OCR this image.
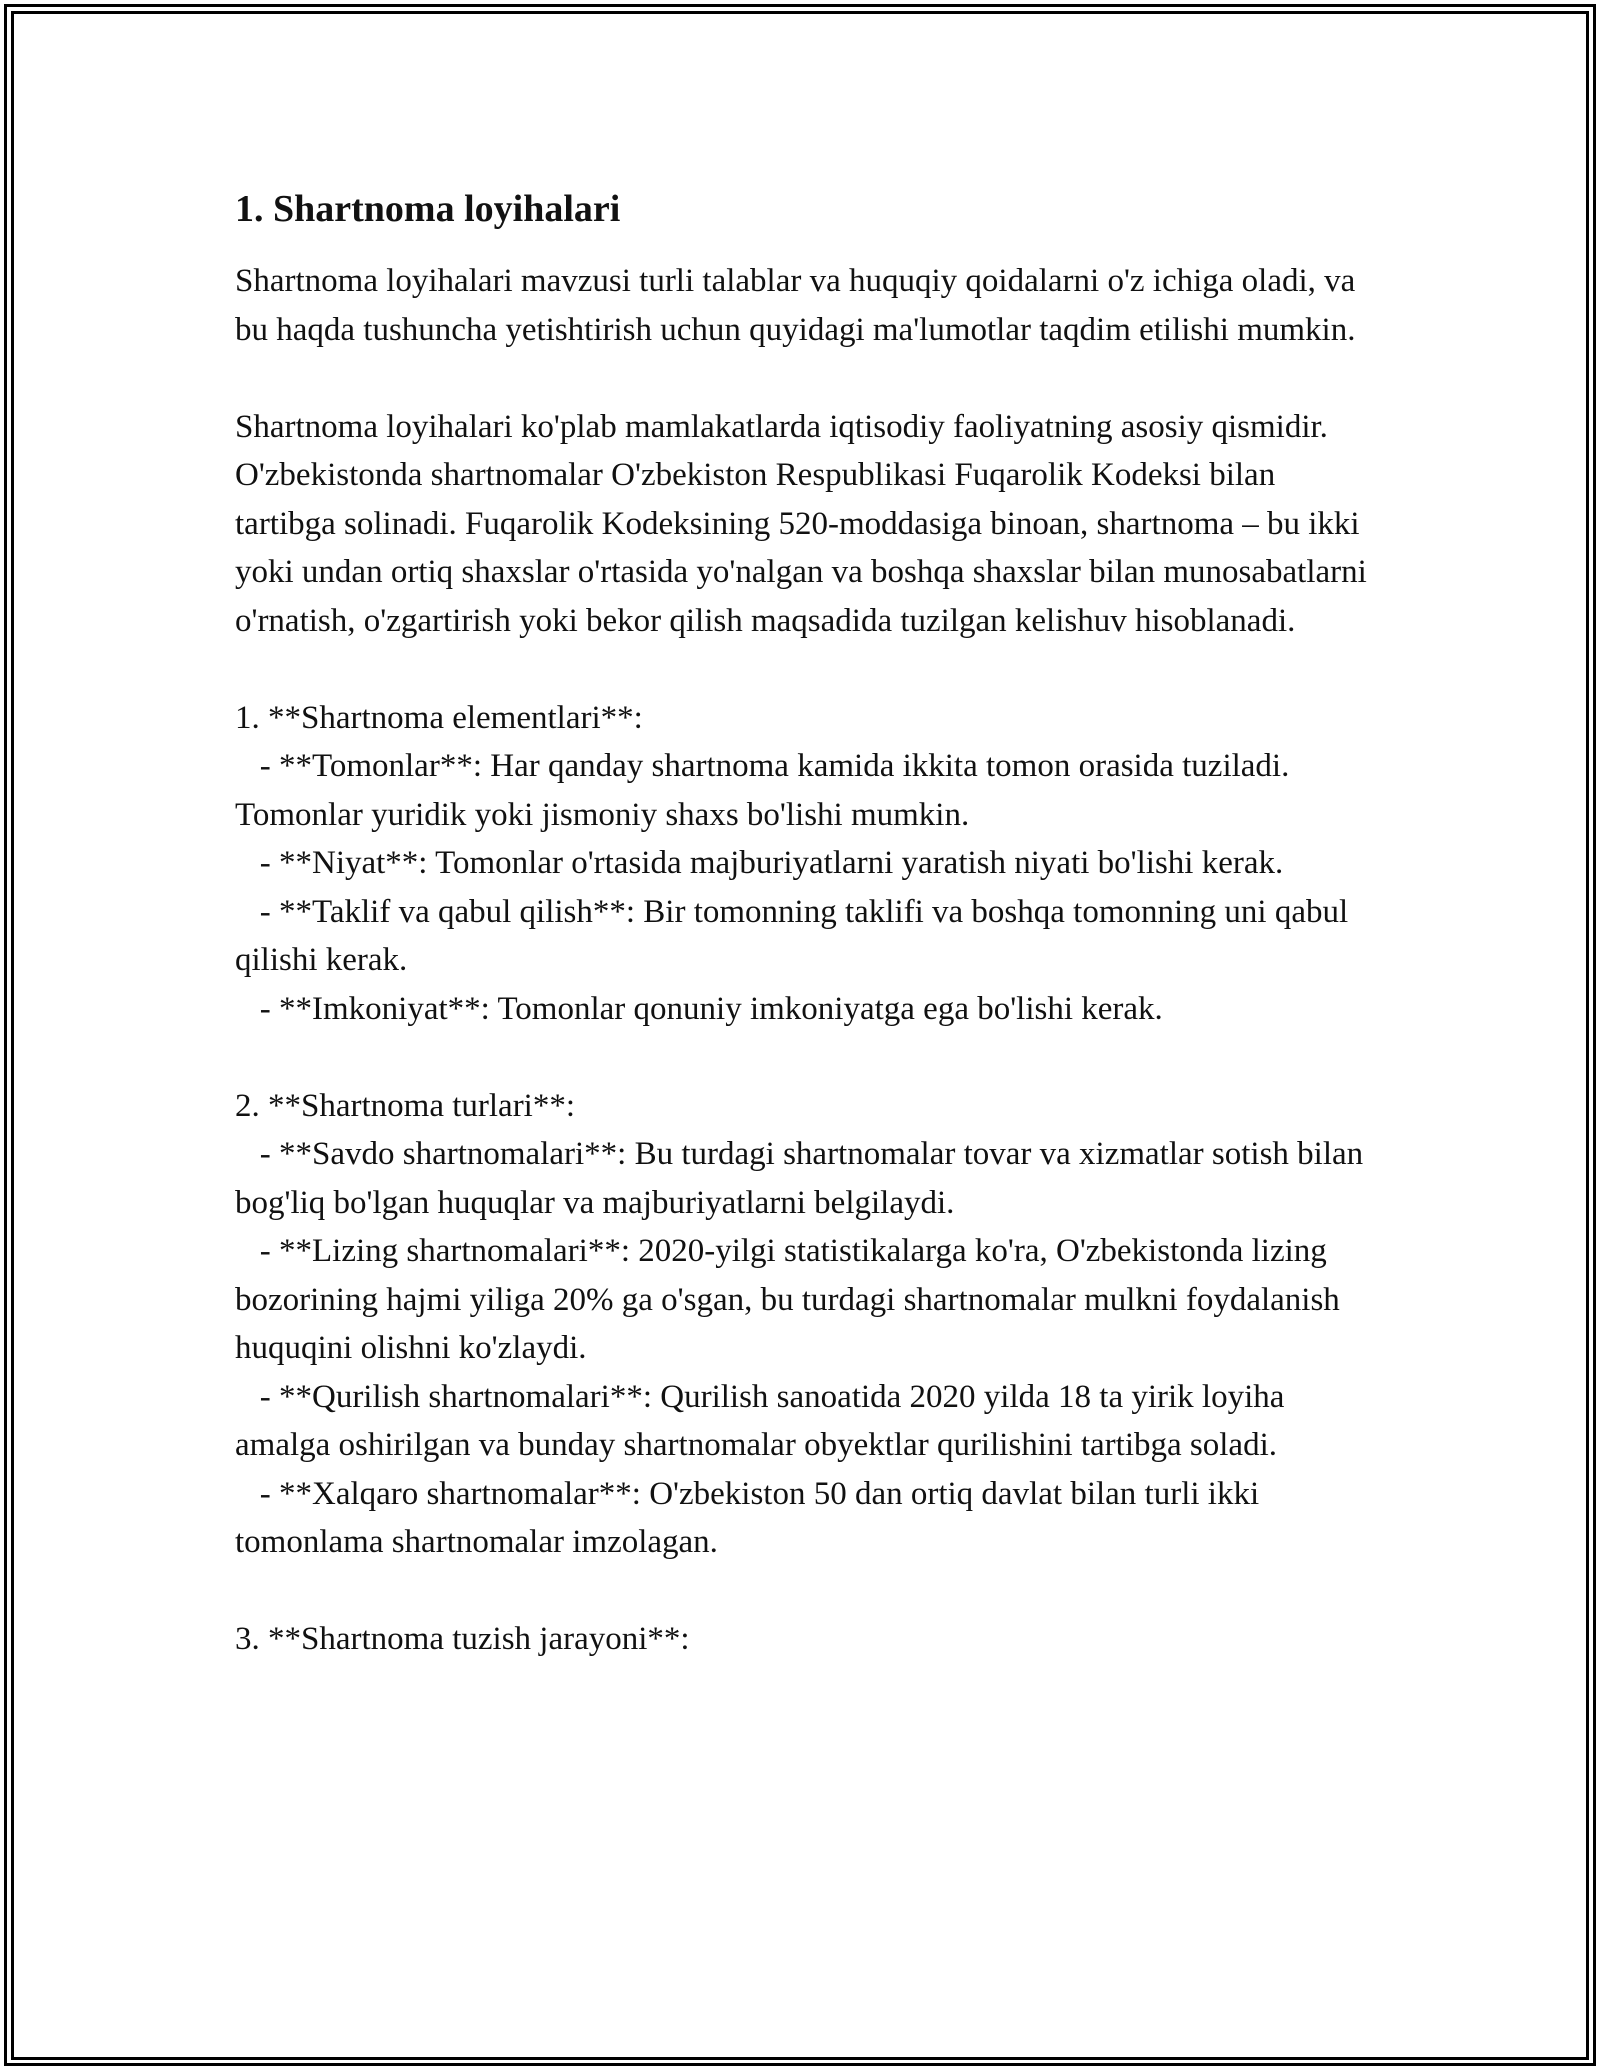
1. Shartnoma loyihalari

Shartnoma loyihalari mavzusi turli talablar va huquqiy qoidalarni o'z ichiga oladi, va bu haqda tushuncha yetishtirish uchun quyidagi ma'lumotlar taqdim etilishi mumkin.

Shartnoma loyihalari ko'plab mamlakatlarda iqtisodiy faoliyatning asosiy qismidir. O'zbekistonda shartnomalar O'zbekiston Respublikasi Fuqarolik Kodeksi bilan tartibga solinadi. Fuqarolik Kodeksining 520-moddasiga binoan, shartnoma – bu ikki yoki undan ortiq shaxslar o'rtasida yo'nalgan va boshqa shaxslar bilan munosabatlarni o'rnatish, o'zgartirish yoki bekor qilish maqsadida tuzilgan kelishuv hisoblanadi.

1. **Shartnoma elementlari**:

- **Tomonlar**: Har qanday shartnoma kamida ikkita tomon orasida tuziladi. Tomonlar yuridik yoki jismoniy shaxs bo'lishi mumkin.

- **Niyat**: Tomonlar o'rtasida majburiyatlarni yaratish niyati bo'lishi kerak.

- **Taklif va qabul qilish**: Bir tomonning taklifi va boshqa tomonning uni qabul qilishi kerak.

- **Imkoniyat**: Tomonlar qonuniy imkoniyatga ega bo'lishi kerak.

2. **Shartnoma turlari**:

- **Savdo shartnomalari**: Bu turdagi shartnomalar tovar va xizmatlar sotish bilan bog'liq bo'lgan huquqlar va majburiyatlarni belgilaydi.

- **Lizing shartnomalari**: 2020-yilgi statistikalarga ko'ra, O'zbekistonda lizing bozorining hajmi yiliga 20% ga o'sgan, bu turdagi shartnomalar mulkni foydalanish huquqini olishni ko'zlaydi.

- **Qurilish shartnomalari**: Qurilish sanoatida 2020 yilda 18 ta yirik loyiha amalga oshirilgan va bunday shartnomalar obyektlar qurilishini tartibga soladi.

- **Xalqaro shartnomalar**: O'zbekiston 50 dan ortiq davlat bilan turli ikki tomonlama shartnomalar imzolagan.

3. **Shartnoma tuzish jarayoni**:
